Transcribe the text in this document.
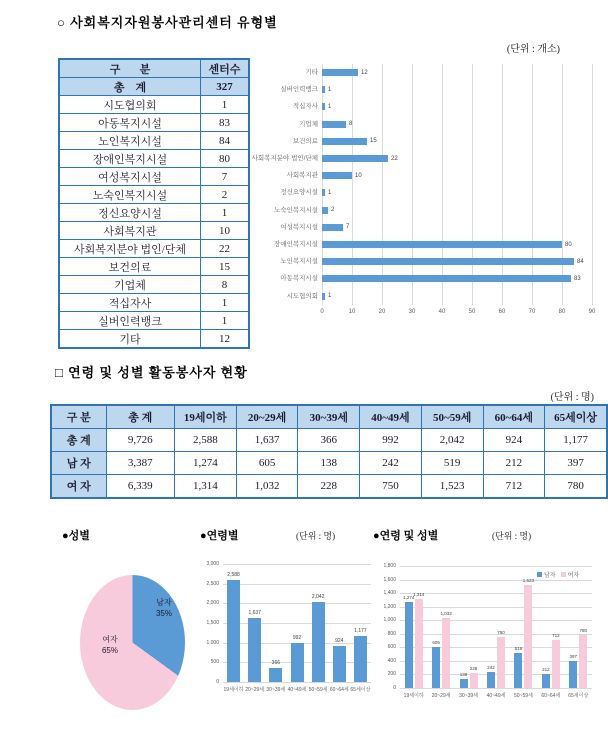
○ 사회복지자원봉사관리센터 유형별
(단위 : 개소)
구       분	센터수
총    계	327
시도협의회	1
아동복지시설	83
노인복지시설	84
장애인복지시설	80
여성복지시설	7
노숙인복지시설	2
정신요양시설	1
사회복지관	10
사회복지분야 법인/단체	22
보건의료	15
기업체	8
적십자사	1
실버인력뱅크	1
기타	12
0	10	20	30	40	50	60	70	80	90
기타	12
실버인력뱅크 1
적십자사 1
기업체	8
보건의료	15
사회복지분야 법인/단체	22
사회복지관	10
정신요양시설 1
노숙인복지시설 2
여성복지시설	7
장애인복지시설	80
노인복지시설	84
아동복지시설	83
시도협의회 1
□ 연령 및 성별 활동봉사자 현황
(단위 : 명)
구 분	총 계	19세이하	20~29세	30~39세	40~49세	50~59세	60~64세	65세이상
총 계	9,726	2,588	1,637	366	992	2,042	924	1,177
남 자	3,387	1,274	605	138	242	519	212	397
여 자	6,339	1,314	1,032	228	750	1,523	712	780
●성별
남자
35%
여자
65%
●연령별	(단위 : 명)
0
500
1,000
1,500
2,000
2,500
3,000
2,588
19세이하
1,637
20~29세
366
30~39세
992
40~49세
2,042
50~59세
924
60~64세
1,177
65세이상
●연령 및 성별	(단위 : 명)
0
200
400
600
800
1,000
1,200
1,400
1,600
1,800
남자	여자
1,274
1,314
19세이하
605
1,032
20~29세
138
228
30~39세
242
750
40~49세
519
1,523
50~59세
212
712
60~64세
397
780
65세이상
